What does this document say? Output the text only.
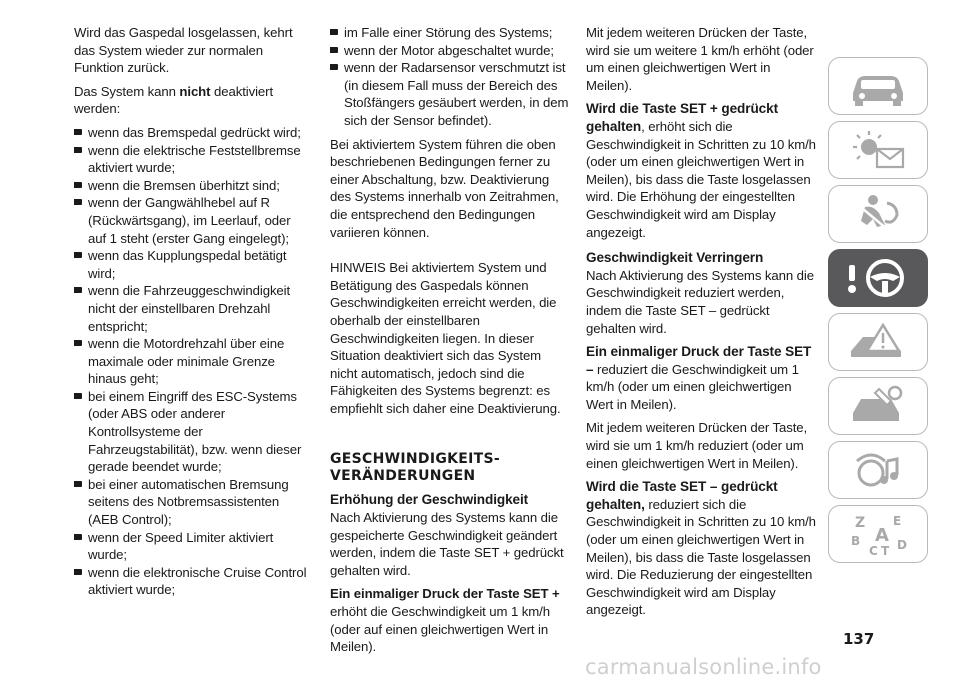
Wird das Gaspedal losgelassen, kehrt das System wieder zur normalen Funktion zurück.

Das System kann nicht deaktiviert werden:

wenn das Bremspedal gedrückt wird;

wenn die elektrische Feststellbremse aktiviert wurde;

wenn die Bremsen überhitzt sind;

wenn der Gangwählhebel auf R (Rückwärtsgang), im Leerlauf, oder auf 1 steht (erster Gang eingelegt);

wenn das Kupplungspedal betätigt wird;

wenn die Fahrzeuggeschwindigkeit nicht der einstellbaren Drehzahl entspricht;

wenn die Motordrehzahl über eine maximale oder minimale Grenze hinaus geht;

bei einem Eingriff des ESC-Systems (oder ABS oder anderer Kontrollsysteme der Fahrzeugstabilität), bzw. wenn dieser gerade beendet wurde;

bei einer automatischen Bremsung seitens des Notbremsassistenten (AEB Control);

wenn der Speed Limiter aktiviert wurde;

wenn die elektronische Cruise Control aktiviert wurde;

im Falle einer Störung des Systems;

wenn der Motor abgeschaltet wurde;

wenn der Radarsensor verschmutzt ist (in diesem Fall muss der Bereich des Stoßfängers gesäubert werden, in dem sich der Sensor befindet).

Bei aktiviertem System führen die oben beschriebenen Bedingungen ferner zu einer Abschaltung, bzw. Deaktivierung des Systems innerhalb von Zeitrahmen, die entsprechend den Bedingungen variieren können.

HINWEIS Bei aktiviertem System und Betätigung des Gaspedals können Geschwindigkeiten erreicht werden, die oberhalb der einstellbaren Geschwindigkeiten liegen. In dieser Situation deaktiviert sich das System nicht automatisch, jedoch sind die Fähigkeiten des Systems begrenzt: es empfiehlt sich daher eine Deaktivierung.

GESCHWINDIGKEITS-VERÄNDERUNGEN

Erhöhung der Geschwindigkeit

Nach Aktivierung des Systems kann die gespeicherte Geschwindigkeit geändert werden, indem die Taste SET + gedrückt gehalten wird.

Ein einmaliger Druck der Taste SET + erhöht die Geschwindigkeit um 1 km/h (oder auf einen gleichwertigen Wert in Meilen).

Mit jedem weiteren Drücken der Taste, wird sie um weitere 1 km/h erhöht (oder um einen gleichwertigen Wert in Meilen).

Wird die Taste SET + gedrückt gehalten, erhöht sich die Geschwindigkeit in Schritten zu 10 km/h (oder um einen gleichwertigen Wert in Meilen), bis dass die Taste losgelassen wird. Die Erhöhung der eingestellten Geschwindigkeit wird am Display angezeigt.

Geschwindigkeit Verringern

Nach Aktivierung des Systems kann die Geschwindigkeit reduziert werden, indem die Taste SET – gedrückt gehalten wird.

Ein einmaliger Druck der Taste SET – reduziert die Geschwindigkeit um 1 km/h (oder um einen gleichwertigen Wert in Meilen).

Mit jedem weiteren Drücken der Taste, wird sie um 1 km/h reduziert (oder um einen gleichwertigen Wert in Meilen).

Wird die Taste SET – gedrückt gehalten, reduziert sich die Geschwindigkeit in Schritten zu 10 km/h (oder um einen gleichwertigen Wert in Meilen), bis dass die Taste losgelassen wird. Die Reduzierung der eingestellten Geschwindigkeit wird am Display angezeigt.

Z E
B A
C T D
137
carmanualsonline.info
